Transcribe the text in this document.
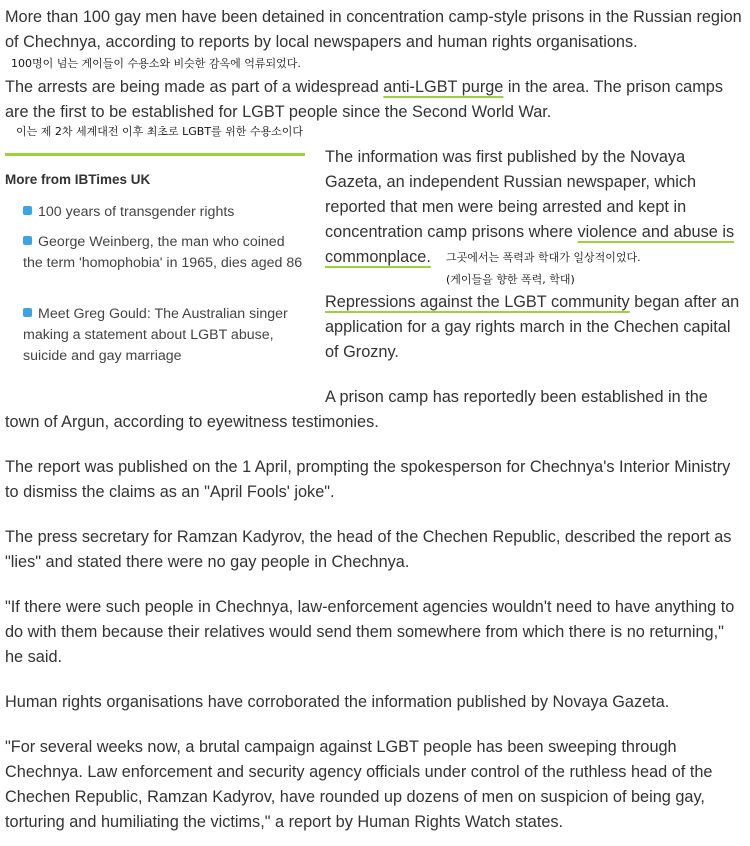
More than 100 gay men have been detained in concentration camp-style prisons in the Russian region of Chechnya, according to reports by local newspapers and human rights organisations.

100명이 넘는 게이들이 수용소와 비슷한 감옥에 억류되었다.

The arrests are being made as part of a widespread anti-LGBT purge in the area. The prison camps are the first to be established for LGBT people since the Second World War.

이는 제 2차 세계대전 이후 최초로 LGBT를 위한 수용소이다

More from IBTimes UK

100 years of transgender rights

George Weinberg, the man who coined the term 'homophobia' in 1965, dies aged 86

Meet Greg Gould: The Australian singer making a statement about LGBT abuse, suicide and gay marriage

The information was first published by the Novaya Gazeta, an independent Russian newspaper, which reported that men were being arrested and kept in concentration camp prisons where violence and abuse is commonplace.	그곳에서는 폭력과 학대가 일상적이었다.

(게이들을 향한 폭력, 학대)

Repressions against the LGBT community began after an application for a gay rights march in the Chechen capital of Grozny.

A prison camp has reportedly been established in the

town of Argun, according to eyewitness testimonies.

The report was published on the 1 April, prompting the spokesperson for Chechnya's Interior Ministry to dismiss the claims as an "April Fools' joke".

The press secretary for Ramzan Kadyrov, the head of the Chechen Republic, described the report as "lies" and stated there were no gay people in Chechnya.

"If there were such people in Chechnya, law-enforcement agencies wouldn't need to have anything to do with them because their relatives would send them somewhere from which there is no returning," he said.

Human rights organisations have corroborated the information published by Novaya Gazeta.

"For several weeks now, a brutal campaign against LGBT people has been sweeping through Chechnya. Law enforcement and security agency officials under control of the ruthless head of the Chechen Republic, Ramzan Kadyrov, have rounded up dozens of men on suspicion of being gay, torturing and humiliating the victims," a report by Human Rights Watch states.
